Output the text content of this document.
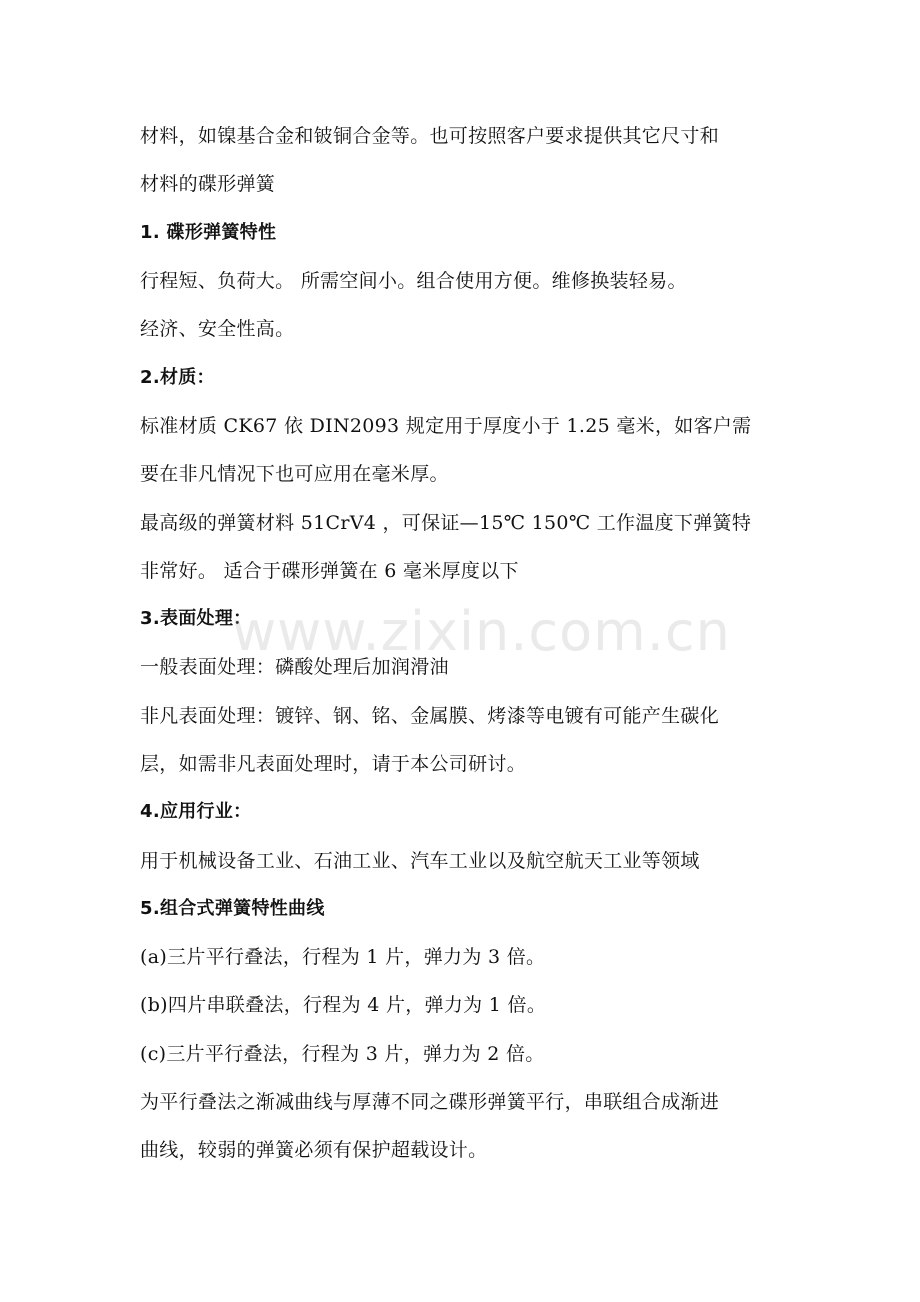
材料，如镍基合金和铍铜合金等。也可按照客户要求提供其它尺寸和
材料的碟形弹簧
1. 碟形弹簧特性
行程短、负荷大。 所需空间小。组合使用方便。维修换装轻易。
经济、安全性高。
2.材质：
标准材质 CK67 依 DIN2093 规定用于厚度小于 1.25 毫米，如客户需
要在非凡情况下也可应用在毫米厚。
最高级的弹簧材料 51CrV4 ，可保证—15℃ 150℃ 工作温度下弹簧特
非常好。 适合于碟形弹簧在 6 毫米厚度以下
3.表面处理：
一般表面处理：磷酸处理后加润滑油
非凡表面处理：镀锌、钢、铭、金属膜、烤漆等电镀有可能产生碳化
层，如需非凡表面处理时，请于本公司研讨。
4.应用行业：
用于机械设备工业、石油工业、汽车工业以及航空航天工业等领域
5.组合式弹簧特性曲线
(a)三片平行叠法，行程为 1 片，弹力为 3 倍。
(b)四片串联叠法，行程为 4 片，弹力为 1 倍。
(c)三片平行叠法，行程为 3 片，弹力为 2 倍。
为平行叠法之渐减曲线与厚薄不同之碟形弹簧平行，串联组合成渐进
曲线，较弱的弹簧必须有保护超载设计。
www.zixin.com.cn
